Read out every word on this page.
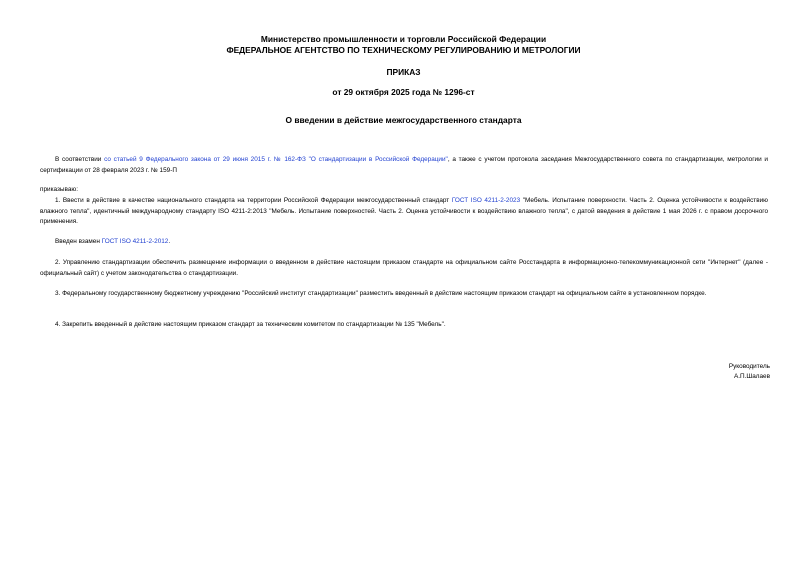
Министерство промышленности и торговли Российской Федерации
ФЕДЕРАЛЬНОЕ АГЕНТСТВО ПО ТЕХНИЧЕСКОМУ РЕГУЛИРОВАНИЮ И МЕТРОЛОГИИ
ПРИКАЗ
от 29 октября 2025 года № 1296-ст
О введении в действие межгосударственного стандарта
В соответствии со статьей 9 Федерального закона от 29 июня 2015 г. № 162-ФЗ "О стандартизации в Российской Федерации", а также с учетом протокола заседания Межгосударственного совета по стандартизации, метрологии и сертификации от 28 февраля 2023 г. № 159-П
приказываю:
1. Ввести в действие в качестве национального стандарта на территории Российской Федерации межгосударственный стандарт ГОСТ ISO 4211-2-2023 "Мебель. Испытание поверхности. Часть 2. Оценка устойчивости к воздействию влажного тепла", идентичный международному стандарту ISO 4211-2:2013 "Мебель. Испытание поверхностей. Часть 2. Оценка устойчивости к воздействию влажного тепла", с датой введения в действие 1 мая 2026 г. с правом досрочного применения.
Введен взамен ГОСТ ISO 4211-2-2012.
2. Управлению стандартизации обеспечить размещение информации о введенном в действие настоящим приказом стандарте на официальном сайте Росстандарта в информационно-телекоммуникационной сети "Интернет" (далее - официальный сайт) с учетом законодательства о стандартизации.
3. Федеральному государственному бюджетному учреждению "Российский институт стандартизации" разместить введенный в действие настоящим приказом стандарт на официальном сайте в установленном порядке.
4. Закрепить введенный в действие настоящим приказом стандарт за техническим комитетом по стандартизации № 135 "Мебель".
Руководитель
А.П.Шалаев
